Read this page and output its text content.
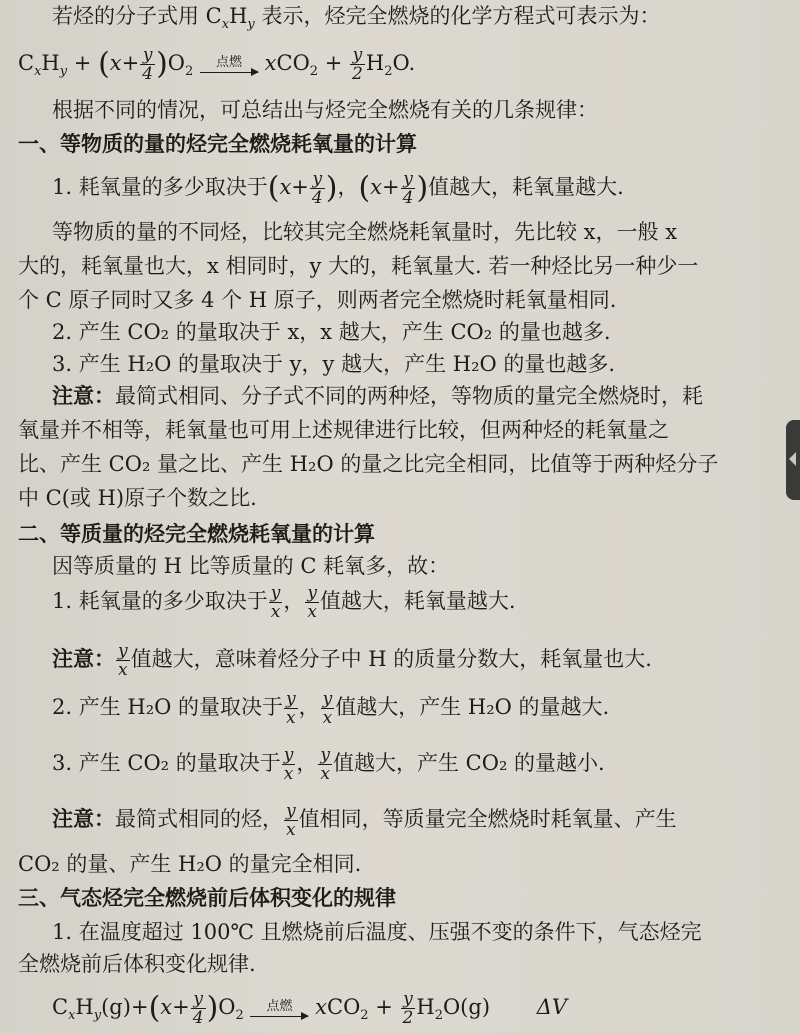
若烃的分子式用 $C_xH_y$ 表示，烃完全燃烧的化学方程式可表示为：
$C_xH_y + (x+ \frac{y}{4} )O_2$
点燃	$xCO_2 + \frac{y}{2} H_2O$.
根据不同的情况，可总结出与烃完全燃烧有关的几条规律：
一、等物质的量的烃完全燃烧耗氧量的计算
1. 耗氧量的多少取决于($x+ \frac{y}{4}$ )，($x+ \frac{y}{4}$ )值越大，耗氧量越大.
等物质的量的不同烃，比较其完全燃烧耗氧量时，先比较 x，一般 x
大的，耗氧量也大，x 相同时，y 大的，耗氧量大. 若一种烃比另一种少一
个 C 原子同时又多 4 个 H 原子，则两者完全燃烧时耗氧量相同.
2. 产生 CO₂ 的量取决于 x，x 越大，产生 CO₂ 的量也越多.
3. 产生 H₂O 的量取决于 y，y 越大，产生 H₂O 的量也越多.
注意：最简式相同、分子式不同的两种烃，等物质的量完全燃烧时，耗
氧量并不相等，耗氧量也可用上述规律进行比较，但两种烃的耗氧量之
比、产生 CO₂ 量之比、产生 H₂O 的量之比完全相同，比值等于两种烃分子
中 C(或 H)原子个数之比.
二、等质量的烃完全燃烧耗氧量的计算
因等质量的 H 比等质量的 C 耗氧多，故：
1. 耗氧量的多少取决于 $\frac{y}{x}$ ， $\frac{y}{x}$ 值越大，耗氧量越大.
注意： $\frac{y}{x}$ 值越大，意味着烃分子中 H 的质量分数大，耗氧量也大.
2. 产生 H₂O 的量取决于 $\frac{y}{x}$ ， $\frac{y}{x}$ 值越大，产生 H₂O 的量越大.
3. 产生 CO₂ 的量取决于 $\frac{y}{x}$ ， $\frac{y}{x}$ 值越大，产生 CO₂ 的量越小.
注意：最简式相同的烃， $\frac{y}{x}$ 值相同，等质量完全燃烧时耗氧量、产生
CO₂ 的量、产生 H₂O 的量完全相同.
三、气态烃完全燃烧前后体积变化的规律
1. 在温度超过 100℃ 且燃烧前后温度、压强不变的条件下，气态烃完
全燃烧前后体积变化规律.
$C_xH_y(g)+(x+ \frac{y}{4} )O_2$
点燃	$xCO_2 + \frac{y}{2} H_2O(g)$ ΔV
